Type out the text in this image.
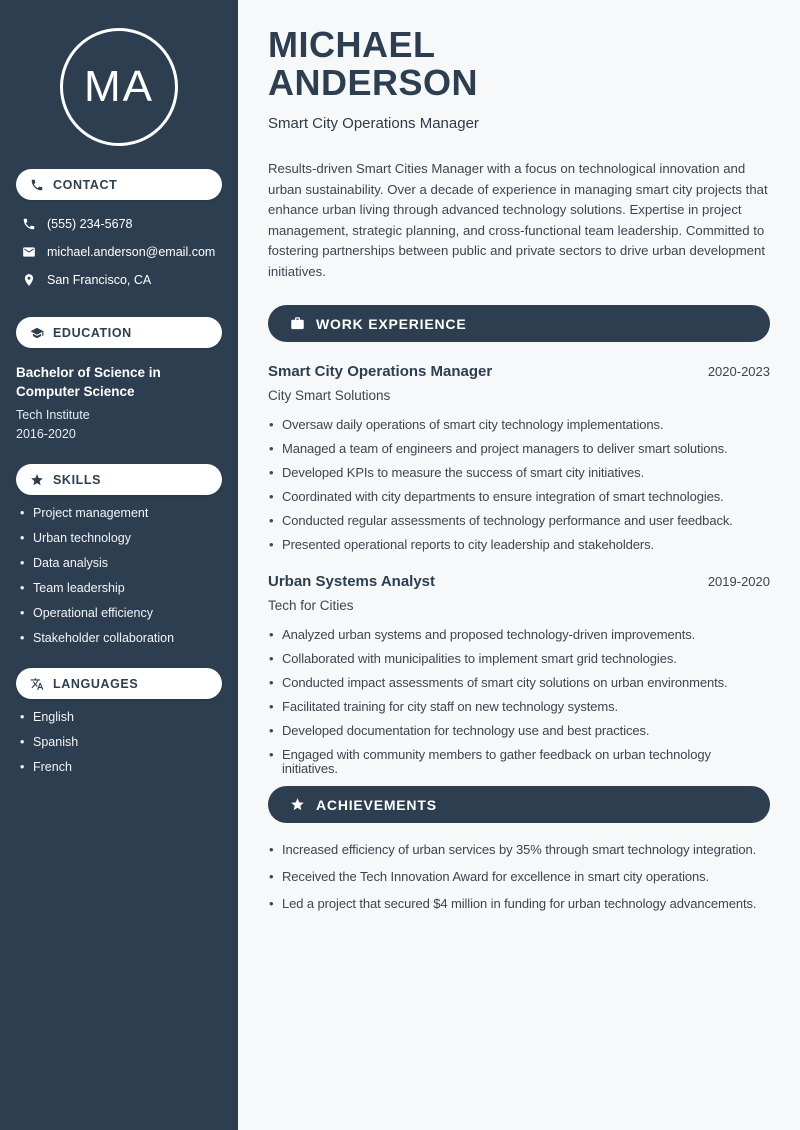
MA
CONTACT
(555) 234-5678
michael.anderson@email.com
San Francisco, CA
EDUCATION
Bachelor of Science in Computer Science
Tech Institute
2016-2020
SKILLS
• Project management
• Urban technology
• Data analysis
• Team leadership
• Operational efficiency
• Stakeholder collaboration
LANGUAGES
• English
• Spanish
• French
MICHAEL
ANDERSON
Smart City Operations Manager

Results-driven Smart Cities Manager with a focus on technological innovation and urban sustainability. Over a decade of experience in managing smart city projects that enhance urban living through advanced technology solutions. Expertise in project management, strategic planning, and cross-functional team leadership. Committed to fostering partnerships between public and private sectors to drive urban development initiatives.

WORK EXPERIENCE
Smart City Operations Manager	2020-2023
City Smart Solutions
• Oversaw daily operations of smart city technology implementations.
• Managed a team of engineers and project managers to deliver smart solutions.
• Developed KPIs to measure the success of smart city initiatives.
• Coordinated with city departments to ensure integration of smart technologies.
• Conducted regular assessments of technology performance and user feedback.
• Presented operational reports to city leadership and stakeholders.
Urban Systems Analyst	2019-2020
Tech for Cities
• Analyzed urban systems and proposed technology-driven improvements.
• Collaborated with municipalities to implement smart grid technologies.
• Conducted impact assessments of smart city solutions on urban environments.
• Facilitated training for city staff on new technology systems.
• Developed documentation for technology use and best practices.
• Engaged with community members to gather feedback on urban technology initiatives.
ACHIEVEMENTS
• Increased efficiency of urban services by 35% through smart technology integration.
• Received the Tech Innovation Award for excellence in smart city operations.
• Led a project that secured $4 million in funding for urban technology advancements.
